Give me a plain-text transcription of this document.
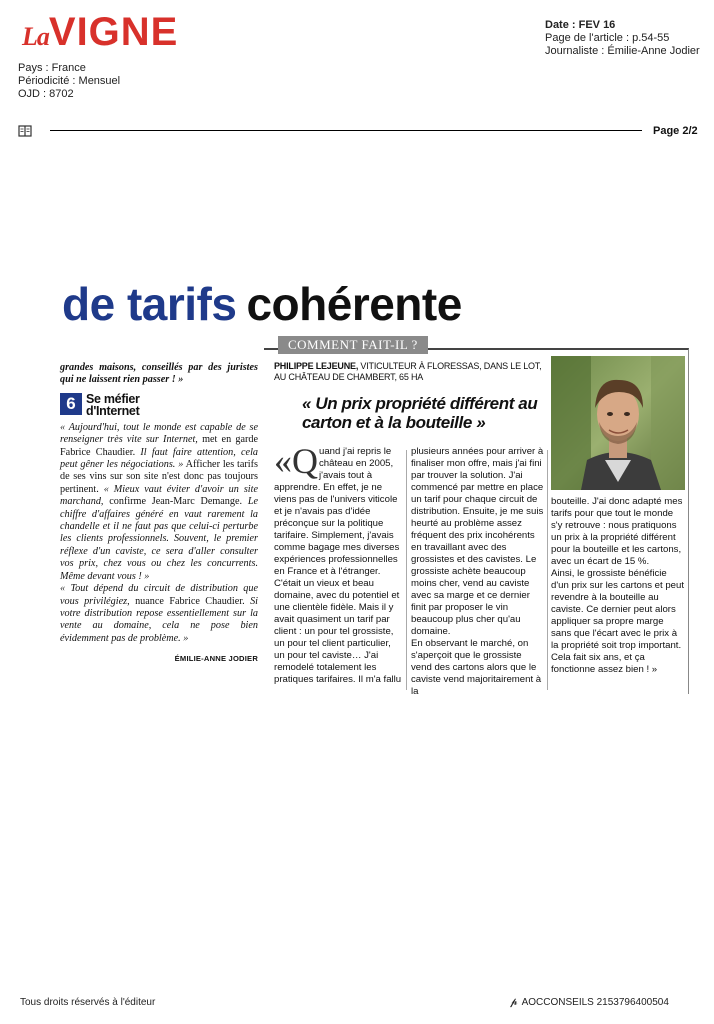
LaVIGNE
Pays : France
Périodicité : Mensuel
OJD : 8702
Date : FEV 16
Page de l'article : p.54-55
Journaliste : Émilie-Anne Jodier
Page 2/2
de tarifs cohérente

grandes maisons, conseillés par des juristes qui ne laissent rien passer ! »

6 Se méfier
d'Internet

« Aujourd'hui, tout le monde est capable de se renseigner très vite sur Internet, met en garde Fabrice Chaudier. Il faut faire attention, cela peut gêner les négociations. » Afficher les tarifs de ses vins sur son site n'est donc pas toujours pertinent. « Mieux vaut éviter d'avoir un site marchand, confirme Jean-Marc Demange. Le chiffre d'affaires généré en vaut rarement la chandelle et il ne faut pas que celui-ci perturbe les clients professionnels. Souvent, le premier réflexe d'un caviste, ce sera d'aller consulter vos prix, chez vous ou chez les concurrents. Même devant vous ! »

« Tout dépend du circuit de distribution que vous privilégiez, nuance Fabrice Chaudier. Si votre distribution repose essentiellement sur la vente au domaine, cela ne pose bien évidemment pas de problème. »

ÉMILIE-ANNE JODIER
COMMENT FAIT-IL ?
PHILIPPE LEJEUNE, VITICULTEUR À FLORESSAS, DANS LE LOT, AU CHÂTEAU DE CHAMBERT, 65 HA
« Un prix propriété différent au carton et à la bouteille »
«Quand j'ai repris le château en 2005, j'avais tout à apprendre. En effet, je ne viens pas de l'univers viticole et je n'avais pas d'idée préconçue sur la politique tarifaire. Simplement, j'avais comme bagage mes diverses expériences professionnelles en France et à l'étranger. C'était un vieux et beau domaine, avec du potentiel et une clientèle fidèle. Mais il y avait quasiment un tarif par client : un pour tel grossiste, un pour tel client particulier, un pour tel caviste… J'ai remodelé totalement les pratiques tarifaires. Il m'a fallu

plusieurs années pour arriver à finaliser mon offre, mais j'ai fini par trouver la solution. J'ai commencé par mettre en place un tarif pour chaque circuit de distribution. Ensuite, je me suis heurté au problème assez fréquent des prix incohérents en travaillant avec des grossistes et des cavistes. Le grossiste achète beaucoup moins cher, vend au caviste avec sa marge et ce dernier finit par proposer le vin beaucoup plus cher qu'au domaine.

En observant le marché, on s'aperçoit que le grossiste vend des cartons alors que le caviste vend majoritairement à la

bouteille. J'ai donc adapté mes tarifs pour que tout le monde s'y retrouve : nous pratiquons un prix à la propriété différent pour la bouteille et les cartons, avec un écart de 15 %.

Ainsi, le grossiste bénéficie d'un prix sur les cartons et peut revendre à la bouteille au caviste. Ce dernier peut alors appliquer sa propre marge sans que l'écart avec le prix à la propriété soit trop important. Cela fait six ans, et ça fonctionne assez bien ! »

Tous droits réservés à l'éditeur	𝓹 AOCCONSEILS 2153796400504
